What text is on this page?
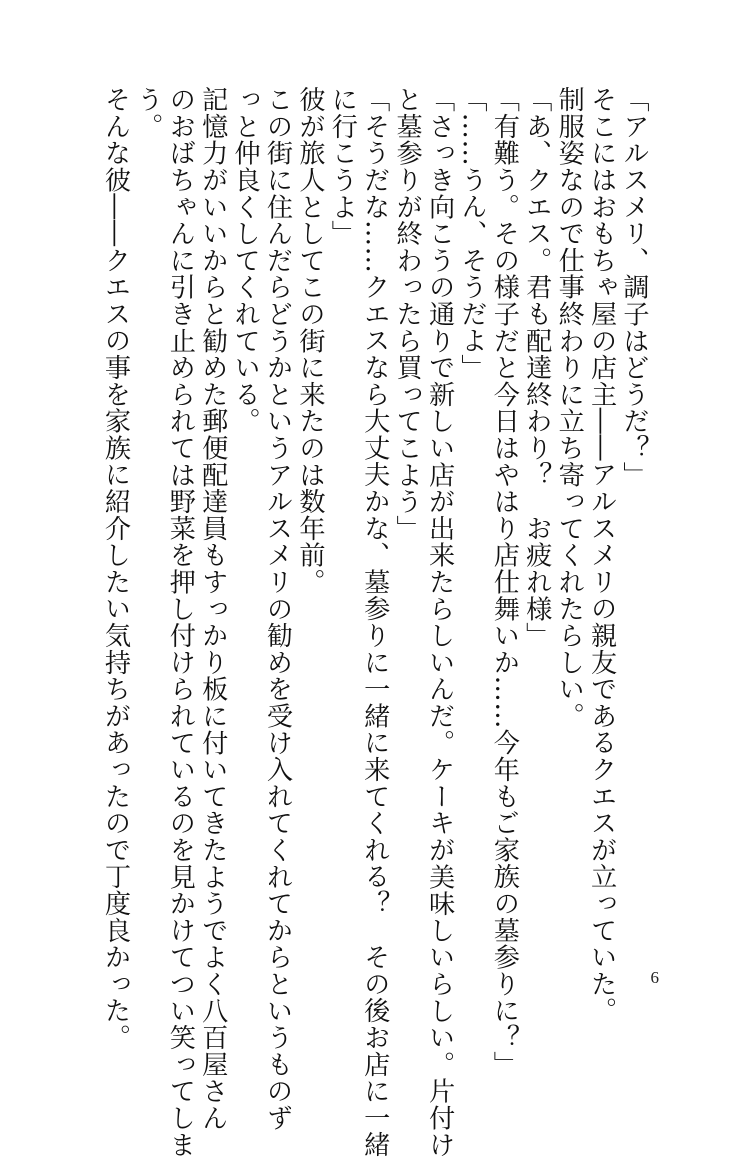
「アルスメリ、調子はどうだ？」

そこにはおもちゃ屋の店主――アルスメリの親友であるクエスが立っていた。

制服姿なので仕事終わりに立ち寄ってくれたらしい。

「あ、クエス。君も配達終わり？　お疲れ様」

「有難う。その様子だと今日はやはり店仕舞いか……今年もご家族の墓参りに？」

「……うん、そうだよ」

「さっき向こうの通りで新しい店が出来たらしいんだ。ケーキが美味しいらしい。片付け

と墓参りが終わったら買ってこよう」

「そうだな……クエスなら大丈夫かな、墓参りに一緒に来てくれる？　その後お店に一緒

に行こうよ」

彼が旅人としてこの街に来たのは数年前。

この街に住んだらどうかというアルスメリの勧めを受け入れてくれてからというものず

っと仲良くしてくれている。

記憶力がいいからと勧めた郵便配達員もすっかり板に付いてきたようでよく八百屋さん

のおばちゃんに引き止められては野菜を押し付けられているのを見かけてつい笑ってしま

う。

そんな彼――クエスの事を家族に紹介したい気持ちがあったので丁度良かった。	6
